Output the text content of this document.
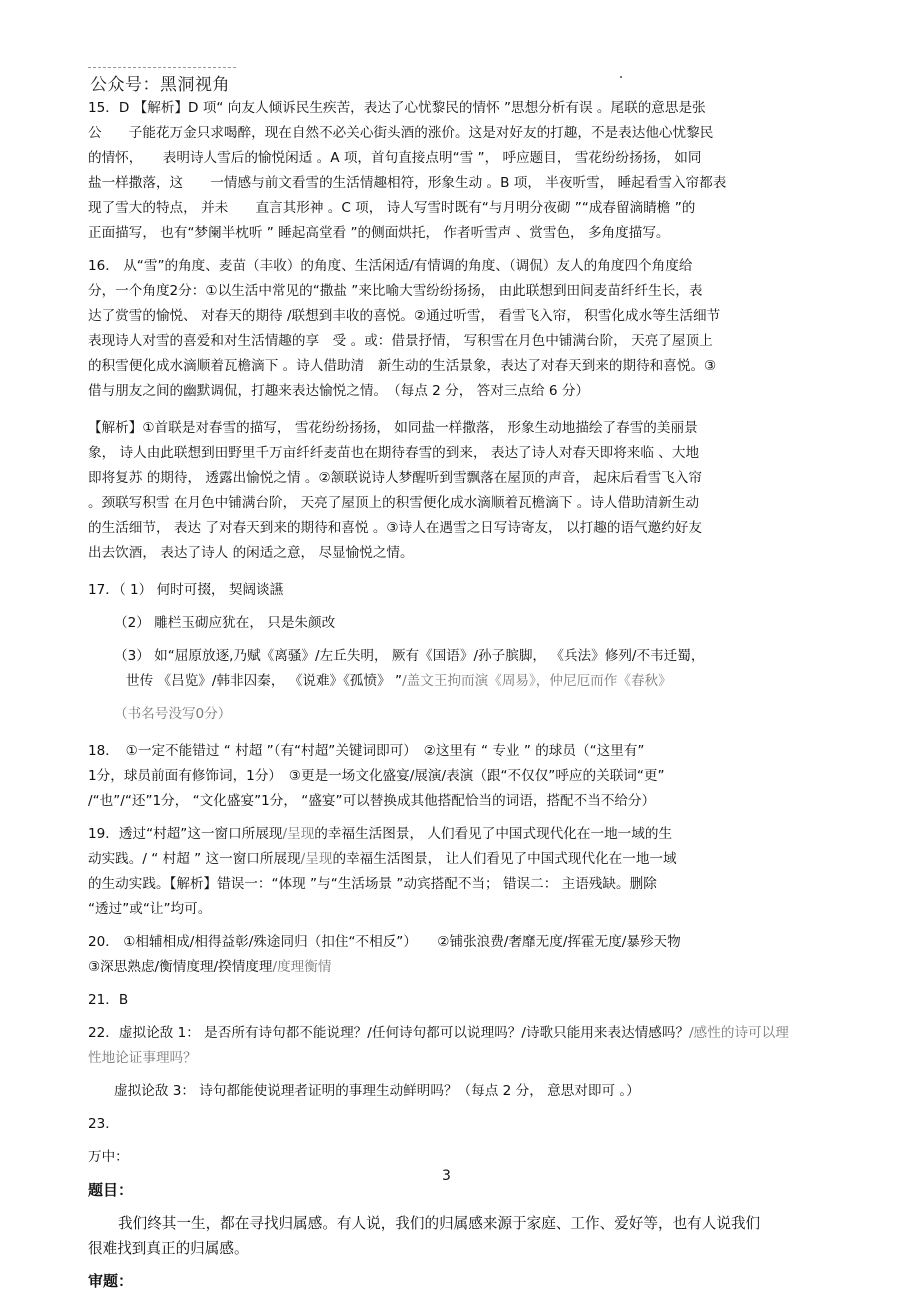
公众号：黑洞视角

15．D 【解析】D 项“ 向友人倾诉民生疾苦，表达了心忧黎民的情怀 ”思想分析有误 。尾联的意思是张

公　　子能花万金只求喝醉，现在自然不必关心街头酒的涨价。这是对好友的打趣，不是表达他心忧黎民

的情怀，　　表明诗人雪后的愉悦闲适 。A 项，首句直接点明“雪 ”， 呼应题目， 雪花纷纷扬扬， 如同

盐一样撒落，这　　一情感与前文看雪的生活情趣相符，形象生动 。B 项， 半夜听雪， 睡起看雪入帘都表

现了雪大的特点， 并未　　直言其形神 。C 项， 诗人写雪时既有“与月明分夜砌 ”“成春留滴睛檐 ”的

正面描写， 也有“梦阑半枕听 ” 睡起高堂看 ”的侧面烘托， 作者听雪声 、赏雪色， 多角度描写。

16． 从“雪”的角度、麦苗（丰收）的角度、生活闲适/有情调的角度、（调侃）友人的角度四个角度给

分，一个角度2分：①以生活中常见的“撒盐 ”来比喻大雪纷纷扬扬， 由此联想到田间麦苗纤纤生长，表

达了赏雪的愉悦、 对春天的期待 /联想到丰收的喜悦。②通过听雪， 看雪飞入帘， 积雪化成水等生活细节

表现诗人对雪的喜爱和对生活情趣的享　受 。或：借景抒情， 写积雪在月色中铺满台阶， 天亮了屋顶上

的积雪便化成水滴顺着瓦檐滴下 。诗人借助清　新生动的生活景象，表达了对春天到来的期待和喜悦。③

借与朋友之间的幽默调侃，打趣来表达愉悦之情。　（每点 2 分， 答对三点给 6 分）

【解析】①首联是对春雪的描写， 雪花纷纷扬扬， 如同盐一样撒落， 形象生动地描绘了春雪的美丽景

象， 诗人由此联想到田野里千万亩纤纤麦苗也在期待春雪的到来， 表达了诗人对春天即将来临 、大地

即将复苏 的期待， 透露出愉悦之情 。②颔联说诗人梦醒听到雪飘落在屋顶的声音， 起床后看雪飞入帘

。颈联写积雪 在月色中铺满台阶， 天亮了屋顶上的积雪便化成水滴顺着瓦檐滴下 。诗人借助清新生动

的生活细节， 表达 了对春天到来的期待和喜悦 。③诗人在遇雪之日写诗寄友， 以打趣的语气邀约好友

出去饮酒， 表达了诗人 的闲适之意， 尽显愉悦之情。

17．（ 1） 何时可掇， 契阔谈讌

（2） 雕栏玉砌应犹在， 只是朱颜改

（3） 如“屈原放逐,乃赋《离骚》/左丘失明， 厥有《国语》/孙子膑脚， 《兵法》修列/不韦迁蜀，

世传 《吕览》/韩非囚秦， 《说难》《孤愤》 ”/盖文王拘而演《周易》，仲尼厄而作《春秋》

（书名号没写0分）

18．　①一定不能错过 “ 村超 ”（有“村超”关键词即可）　②这里有 “ 专业 ” 的球员（“这里有”

1分，球员前面有修饰词，1分）　③更是一场文化盛宴/展演/表演（跟“不仅仅”呼应的关联词“更”

/“也”/“还”1分， “文化盛宴”1分， “盛宴”可以替换成其他搭配恰当的词语，搭配不当不给分）

19．透过“村超”这一窗口所展现/呈现的幸福生活图景， 人们看见了中国式现代化在一地一域的生

动实践。/ “ 村超 ” 这一窗口所展现/呈现的幸福生活图景， 让人们看见了中国式现代化在一地一域

的生动实践。【解析】错误一：“体现 ”与“生活场景 ”动宾搭配不当； 错误二： 主语残缺。删除

“透过”或“让”均可。

20． ①相辅相成/相得益彰/殊途同归（扣住“不相反”）　　②铺张浪费/奢靡无度/挥霍无度/暴殄天物

③深思熟虑/衡情度理/揆情度理/度理衡情

21．B

22．虚拟论敌 1： 是否所有诗句都不能说理？/任何诗句都可以说理吗？/诗歌只能用来表达情感吗？/感性的诗可以理

性地论证事理吗？

虚拟论敌 3： 诗句都能使说理者证明的事理生动鲜明吗？（每点 2 分， 意思对即可 。）

23．

万中：

题目：

我们终其一生，都在寻找归属感。有人说，我们的归属感来源于家庭、工作、爱好等，也有人说我们

很难找到真正的归属感。

审题：

3
